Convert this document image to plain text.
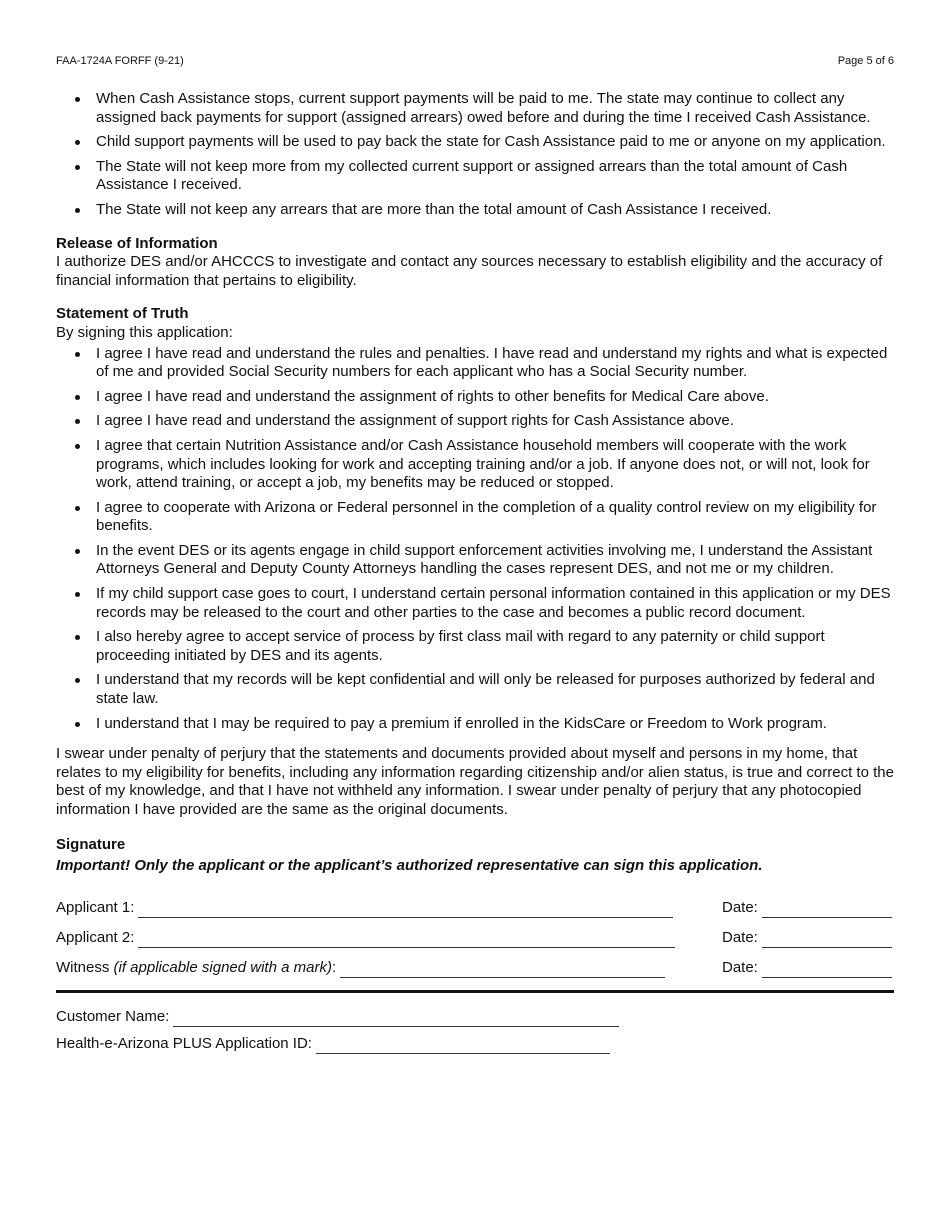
FAA-1724A FORFF (9-21)	Page 5 of 6
When Cash Assistance stops, current support payments will be paid to me. The state may continue to collect any assigned back payments for support (assigned arrears) owed before and during the time I received Cash Assistance.
Child support payments will be used to pay back the state for Cash Assistance paid to me or anyone on my application.
The State will not keep more from my collected current support or assigned arrears than the total amount of Cash Assistance I received.
The State will not keep any arrears that are more than the total amount of Cash Assistance I received.
Release of Information

I authorize DES and/or AHCCCS to investigate and contact any sources necessary to establish eligibility and the accuracy of financial information that pertains to eligibility.

Statement of Truth

By signing this application:

I agree I have read and understand the rules and penalties. I have read and understand my rights and what is expected of me and provided Social Security numbers for each applicant who has a Social Security number.
I agree I have read and understand the assignment of rights to other benefits for Medical Care above.
I agree I have read and understand the assignment of support rights for Cash Assistance above.
I agree that certain Nutrition Assistance and/or Cash Assistance household members will cooperate with the work programs, which includes looking for work and accepting training and/or a job. If anyone does not, or will not, look for work, attend training, or accept a job, my benefits may be reduced or stopped.
I agree to cooperate with Arizona or Federal personnel in the completion of a quality control review on my eligibility for benefits.
In the event DES or its agents engage in child support enforcement activities involving me, I understand the Assistant Attorneys General and Deputy County Attorneys handling the cases represent DES, and not me or my children.
If my child support case goes to court, I understand certain personal information contained in this application or my DES records may be released to the court and other parties to the case and becomes a public record document.
I also hereby agree to accept service of process by first class mail with regard to any paternity or child support proceeding initiated by DES and its agents.
I understand that my records will be kept confidential and will only be released for purposes authorized by federal and state law.
I understand that I may be required to pay a premium if enrolled in the KidsCare or Freedom to Work program.

I swear under penalty of perjury that the statements and documents provided about myself and persons in my home, that relates to my eligibility for benefits, including any information regarding citizenship and/or alien status, is true and correct to the best of my knowledge, and that I have not withheld any information. I swear under penalty of perjury that any photocopied information I have provided are the same as the original documents.

Signature

Important! Only the applicant or the applicant’s authorized representative can sign this application.

Applicant 1:	Date:
Applicant 2:	Date:
Witness (if applicable signed with a mark):	Date:
Customer Name:
Health-e-Arizona PLUS Application ID:
